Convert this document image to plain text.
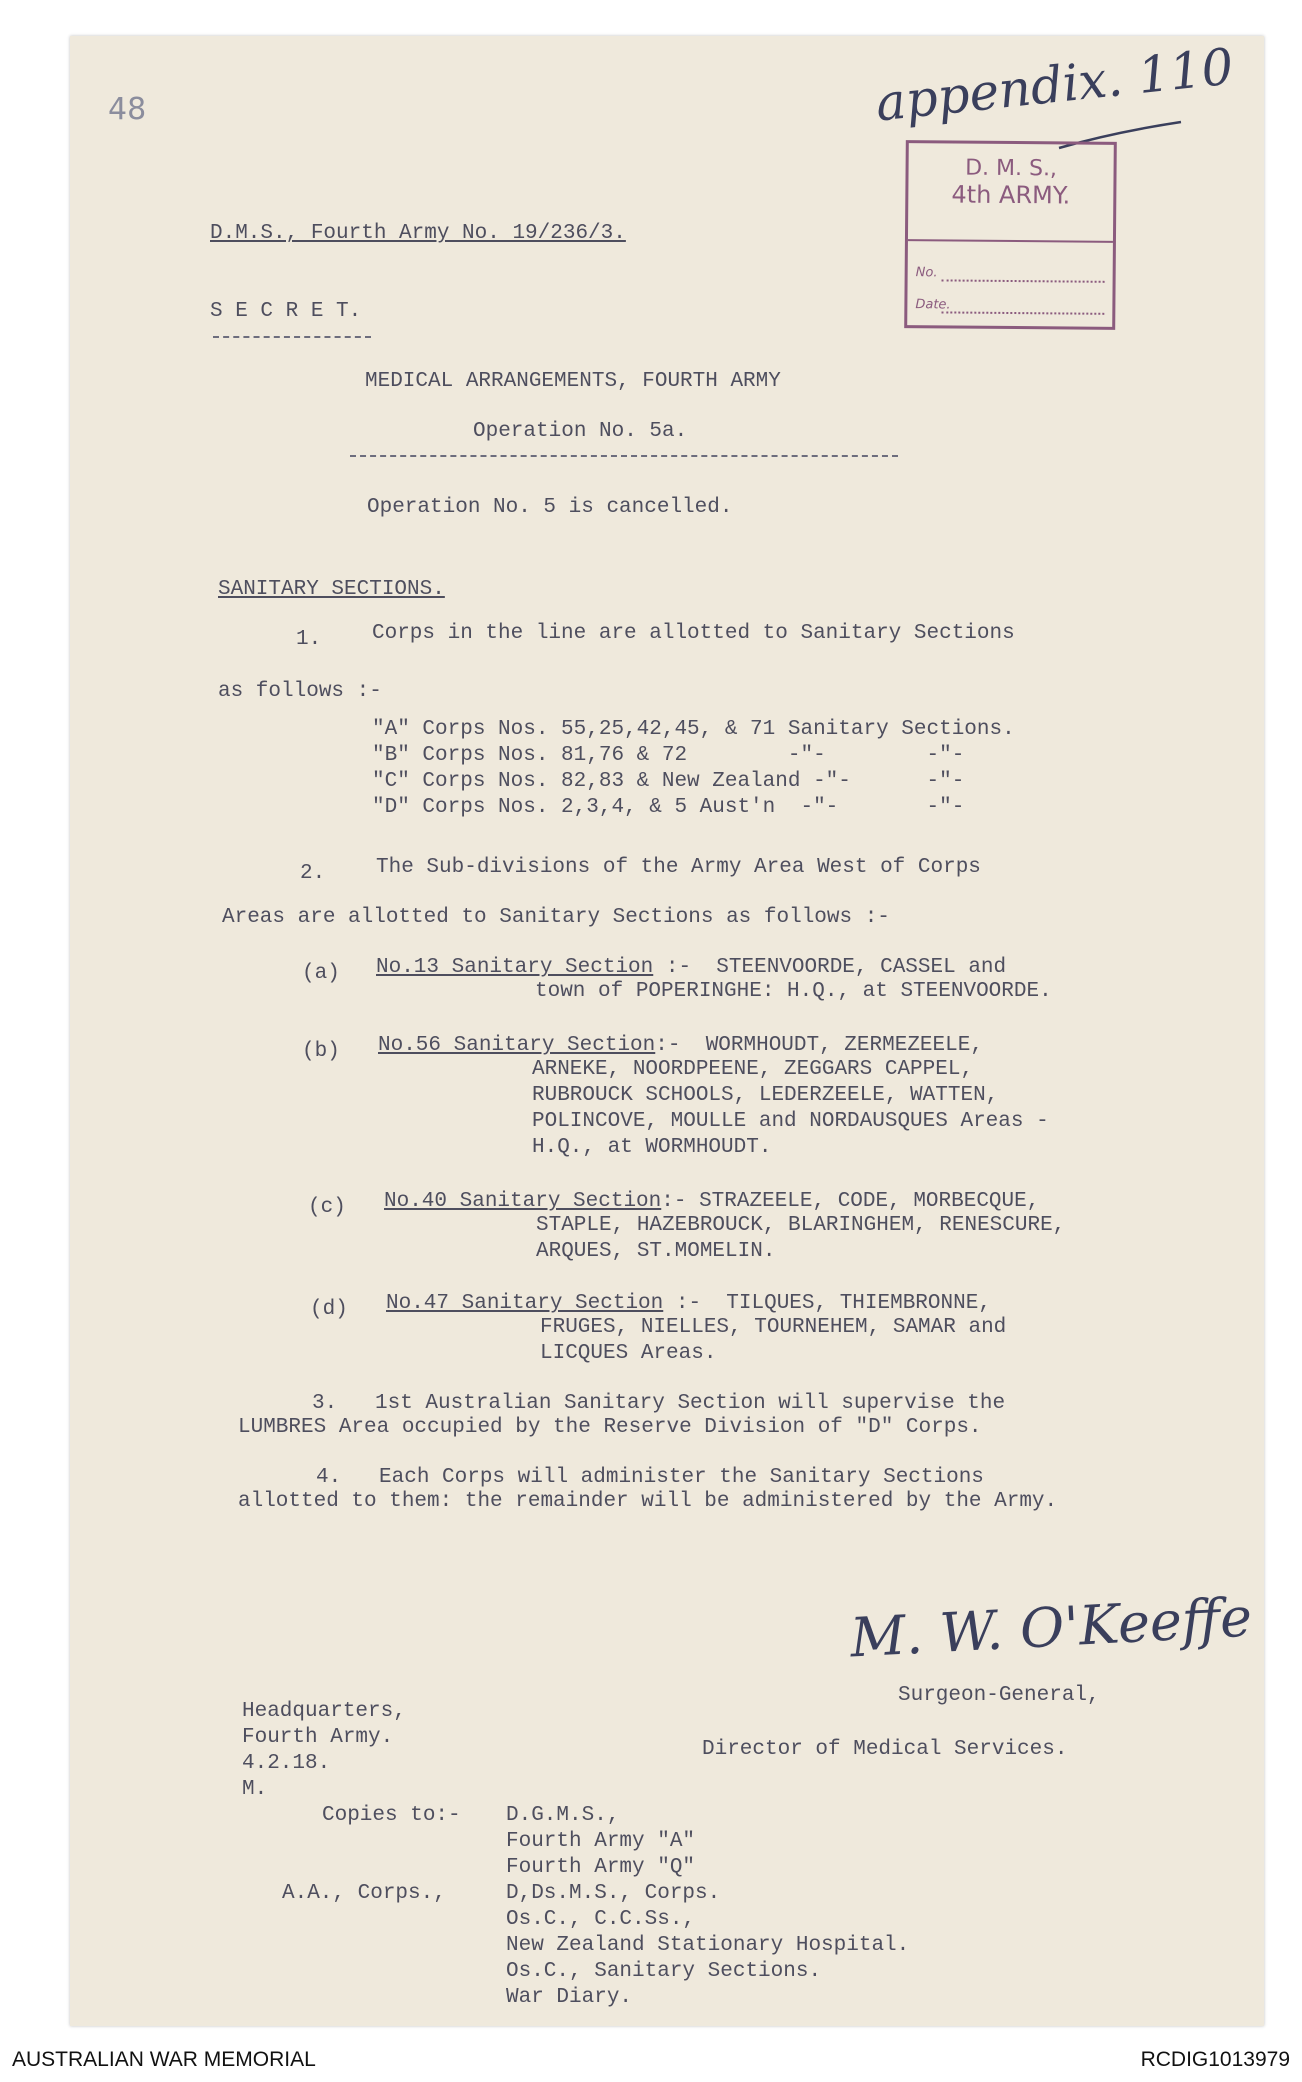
48	appendix. 110
D. M. S.,
4th ARMY.
No.
Date.
D.M.S., Fourth Army No. 19/236/3.
S E C R E T.
MEDICAL ARRANGEMENTS, FOURTH ARMY
Operation No. 5a.
Operation No. 5 is cancelled.
SANITARY SECTIONS.
1. Corps in the line are allotted to Sanitary Sections
as follows :-
"A" Corps Nos. 55,25,42,45, & 71 Sanitary Sections.
"B" Corps Nos. 81,76 & 72        -"-        -"-
"C" Corps Nos. 82,83 & New Zealand -"-      -"-
"D" Corps Nos. 2,3,4, & 5 Aust'n  -"-       -"-
2. The Sub-divisions of the Army Area West of Corps
Areas are allotted to Sanitary Sections as follows :-
(a) No.13 Sanitary Section :- STEENVOORDE, CASSEL and
town of POPERINGHE: H.Q., at STEENVOORDE.
(b) No.56 Sanitary Section:- WORMHOUDT, ZERMEZEELE,
ARNEKE, NOORDPEENE, ZEGGARS CAPPEL,
RUBROUCK SCHOOLS, LEDERZEELE, WATTEN,
POLINCOVE, MOULLE and NORDAUSQUES Areas -
H.Q., at WORMHOUDT.
(c) No.40 Sanitary Section:- STRAZEELE, CODE, MORBECQUE,
STAPLE, HAZEBROUCK, BLARINGHEM, RENESCURE,
ARQUES, ST.MOMELIN.
(d) No.47 Sanitary Section :- TILQUES, THIEMBRONNE,
FRUGES, NIELLES, TOURNEHEM, SAMAR and
LICQUES Areas.
3.   1st Australian Sanitary Section will supervise the
LUMBRES Area occupied by the Reserve Division of "D" Corps.
4.   Each Corps will administer the Sanitary Sections
allotted to them: the remainder will be administered by the Army.
M. W. O'Keeffe
Surgeon-General,
Director of Medical Services.
Headquarters,
Fourth Army.
4.2.18.
M.
Copies to:- D.G.M.S.,
Fourth Army "A"
Fourth Army "Q"
A.A., Corps.,	D,Ds.M.S., Corps.
Os.C., C.C.Ss.,
New Zealand Stationary Hospital.
Os.C., Sanitary Sections.
War Diary.
AUSTRALIAN WAR MEMORIAL	RCDIG1013979
